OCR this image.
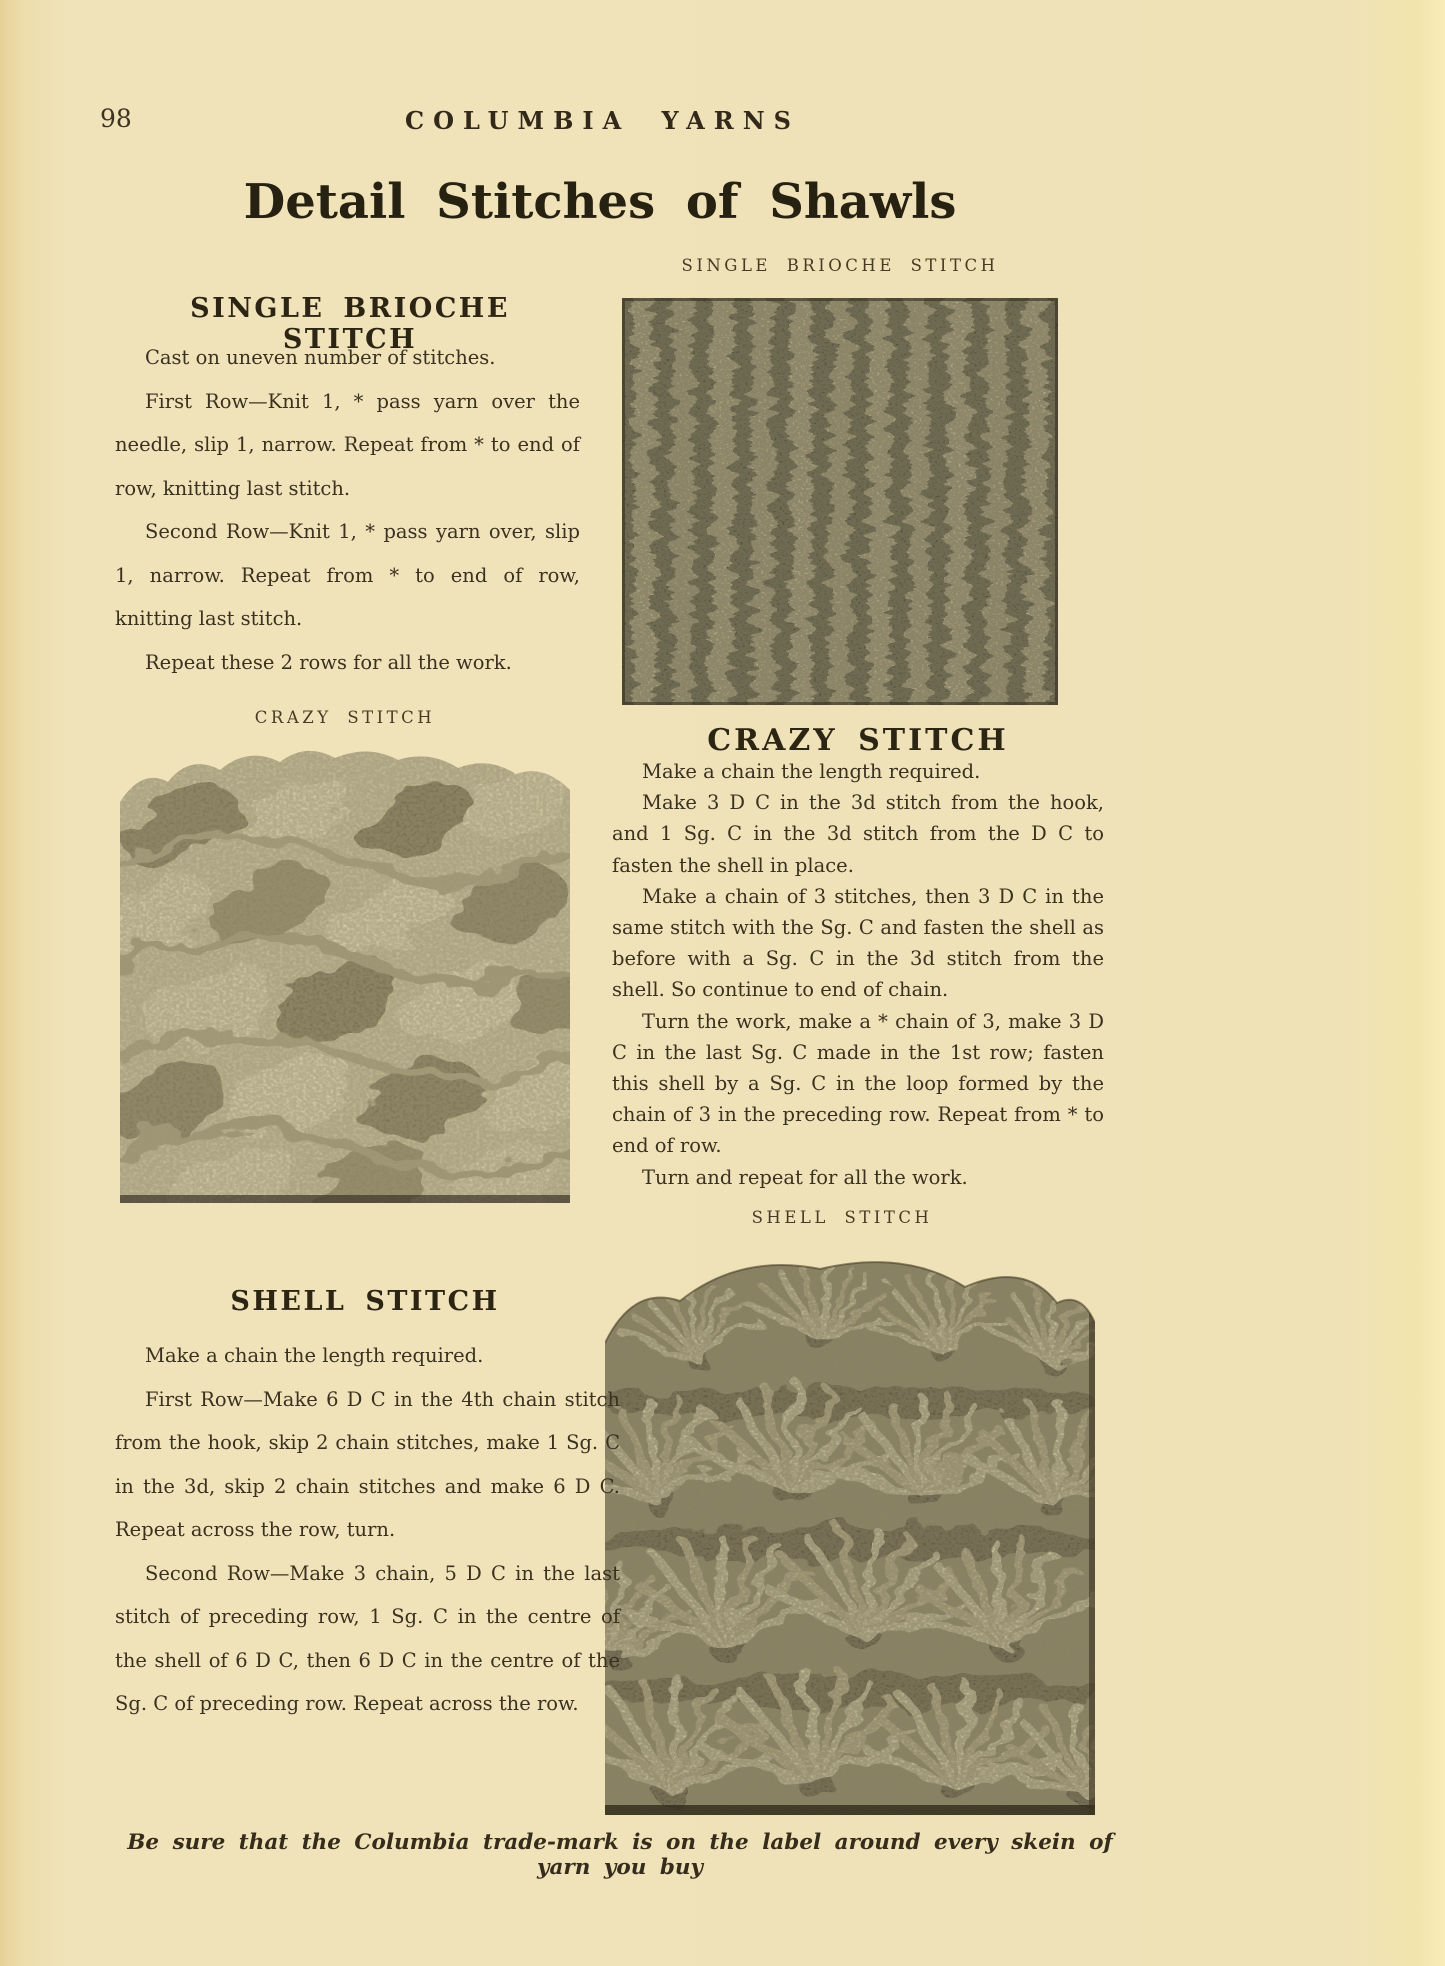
98	COLUMBIA YARNS
Detail Stitches of Shawls
SINGLE BRIOCHE STITCH
SINGLE BRIOCHE STITCH

Cast on uneven number of stitches.

First Row—Knit 1, * pass yarn over the needle, slip 1, narrow. Repeat from * to end of row, knitting last stitch.

Second Row—Knit 1, * pass yarn over, slip 1, narrow. Repeat from * to end of row, knitting last stitch.

Repeat these 2 rows for all the work.

CRAZY STITCH
CRAZY STITCH

Make a chain the length required.

Make 3 D C in the 3d stitch from the hook, and 1 Sg. C in the 3d stitch from the D C to fasten the shell in place.

Make a chain of 3 stitches, then 3 D C in the same stitch with the Sg. C and fasten the shell as before with a Sg. C in the 3d stitch from the shell. So continue to end of chain.

Turn the work, make a * chain of 3, make 3 D C in the last Sg. C made in the 1st row; fasten this shell by a Sg. C in the loop formed by the chain of 3 in the preceding row. Repeat from * to end of row.

Turn and repeat for all the work.

SHELL STITCH
SHELL STITCH

Make a chain the length required.

First Row—Make 6 D C in the 4th chain stitch from the hook, skip 2 chain stitches, make 1 Sg. C in the 3d, skip 2 chain stitches and make 6 D C. Repeat across the row, turn.

Second Row—Make 3 chain, 5 D C in the last stitch of preceding row, 1 Sg. C in the centre of the shell of 6 D C, then 6 D C in the centre of the Sg. C of preceding row. Repeat across the row.

Be sure that the Columbia trade-mark is on the label around every skein of yarn you buy
